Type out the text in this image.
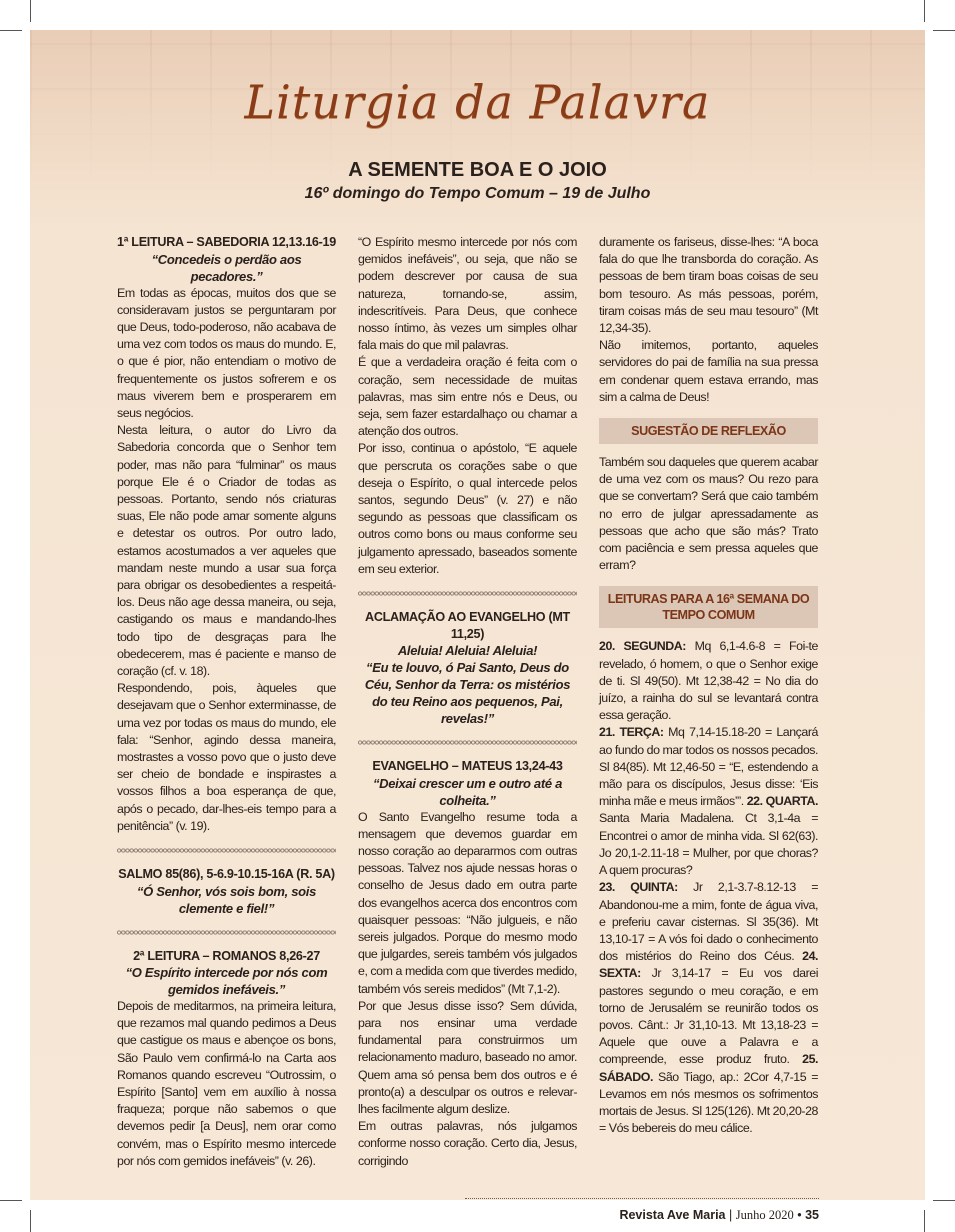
Liturgia da Palavra
A SEMENTE BOA E O JOIO
16º domingo do Tempo Comum – 19 de Julho
1ª LEITURA – SABEDORIA 12,13.16-19
“Concedeis o perdão aos pecadores.”

Em todas as épocas, muitos dos que se consideravam justos se perguntaram por que Deus, todo-poderoso, não acabava de uma vez com todos os maus do mundo. E, o que é pior, não entendiam o motivo de frequentemente os justos sofrerem e os maus viverem bem e prosperarem em seus negócios.

Nesta leitura, o autor do Livro da Sabedoria concorda que o Senhor tem poder, mas não para “fulminar” os maus porque Ele é o Criador de todas as pessoas. Portanto, sendo nós criaturas suas, Ele não pode amar somente alguns e detestar os outros. Por outro lado, estamos acostumados a ver aqueles que mandam neste mundo a usar sua força para obrigar os desobedientes a respeitá-los. Deus não age dessa maneira, ou seja, castigando os maus e mandando-lhes todo tipo de desgraças para lhe obedecerem, mas é paciente e manso de coração (cf. v. 18).

Respondendo, pois, àqueles que desejavam que o Senhor exterminasse, de uma vez por todas os maus do mundo, ele fala: “Senhor, agindo dessa maneira, mostrastes a vosso povo que o justo deve ser cheio de bondade e inspirastes a vossos filhos a boa esperança de que, após o pecado, dar-lhes-eis tempo para a penitência” (v. 19).

SALMO 85(86), 5-6.9-10.15-16A (R. 5A)
“Ó Senhor, vós sois bom, sois clemente e fiel!”
2ª LEITURA – ROMANOS 8,26-27
“O Espírito intercede por nós com gemidos inefáveis.”

Depois de meditarmos, na primeira leitura, que rezamos mal quando pedimos a Deus que castigue os maus e abençoe os bons, São Paulo vem confirmá-lo na Carta aos Romanos quando escreveu “Outrossim, o Espírito [Santo] vem em auxílio à nossa fraqueza; porque não sabemos o que devemos pedir [a Deus], nem orar como convém, mas o Espírito mesmo intercede por nós com gemidos inefáveis” (v. 26).

“O Espírito mesmo intercede por nós com gemidos inefáveis”, ou seja, que não se podem descrever por causa de sua natureza, tornando-se, assim, indescritíveis. Para Deus, que conhece nosso íntimo, às vezes um simples olhar fala mais do que mil palavras.

É que a verdadeira oração é feita com o coração, sem necessidade de muitas palavras, mas sim entre nós e Deus, ou seja, sem fazer estardalhaço ou chamar a atenção dos outros.

Por isso, continua o apóstolo, “E aquele que perscruta os corações sabe o que deseja o Espírito, o qual intercede pelos santos, segundo Deus” (v. 27) e não segundo as pessoas que classificam os outros como bons ou maus conforme seu julgamento apressado, baseados somente em seu exterior.

ACLAMAÇÃO AO EVANGELHO (MT 11,25)
Aleluia! Aleluia! Aleluia!
“Eu te louvo, ó Pai Santo, Deus do Céu, Senhor da Terra: os mistérios do teu Reino aos pequenos, Pai, revelas!”
EVANGELHO – MATEUS 13,24-43
“Deixai crescer um e outro até a colheita.”

O Santo Evangelho resume toda a mensagem que devemos guardar em nosso coração ao depararmos com outras pessoas. Talvez nos ajude nessas horas o conselho de Jesus dado em outra parte dos evangelhos acerca dos encontros com quaisquer pessoas: “Não julgueis, e não sereis julgados. Porque do mesmo modo que julgardes, sereis também vós julgados e, com a medida com que tiverdes medido, também vós sereis medidos” (Mt 7,1-2).

Por que Jesus disse isso? Sem dúvida, para nos ensinar uma verdade fundamental para construirmos um relacionamento maduro, baseado no amor. Quem ama só pensa bem dos outros e é pronto(a) a desculpar os outros e relevar-lhes facilmente algum deslize.

Em outras palavras, nós julgamos conforme nosso coração. Certo dia, Jesus, corrigindo

duramente os fariseus, disse-lhes: “A boca fala do que lhe transborda do coração. As pessoas de bem tiram boas coisas de seu bom tesouro. As más pessoas, porém, tiram coisas más de seu mau tesouro” (Mt 12,34-35).

Não imitemos, portanto, aqueles servidores do pai de família na sua pressa em condenar quem estava errando, mas sim a calma de Deus!

SUGESTÃO DE REFLEXÃO

Também sou daqueles que querem acabar de uma vez com os maus? Ou rezo para que se convertam? Será que caio também no erro de julgar apressadamente as pessoas que acho que são más? Trato com paciência e sem pressa aqueles que erram?

LEITURAS PARA A 16ª SEMANA DO TEMPO COMUM

20. SEGUNDA: Mq 6,1-4.6-8 = Foi-te revelado, ó homem, o que o Senhor exige de ti. Sl 49(50). Mt 12,38-42 = No dia do juízo, a rainha do sul se levantará contra essa geração.
21. TERÇA: Mq 7,14-15.18-20 = Lançará ao fundo do mar todos os nossos pecados. Sl 84(85). Mt 12,46-50 = “E, estendendo a mão para os discípulos, Jesus disse: ‘Eis minha mãe e meus irmãos’”. 22. QUARTA. Santa Maria Madalena. Ct 3,1-4a = Encontrei o amor de minha vida. Sl 62(63). Jo 20,1-2.11-18 = Mulher, por que choras? A quem procuras?
23. QUINTA: Jr 2,1-3.7-8.12-13 = Abandonou-me a mim, fonte de água viva, e preferiu cavar cisternas. Sl 35(36). Mt 13,10-17 = A vós foi dado o conhecimento dos mistérios do Reino dos Céus. 24. SEXTA: Jr 3,14-17 = Eu vos darei pastores segundo o meu coração, e em torno de Jerusalém se reunirão todos os povos. Cânt.: Jr 31,10-13. Mt 13,18-23 = Aquele que ouve a Palavra e a compreende, esse produz fruto. 25. SÁBADO. São Tiago, ap.: 2Cor 4,7-15 = Levamos em nós mesmos os sofrimentos mortais de Jesus. Sl 125(126). Mt 20,20-28 = Vós bebereis do meu cálice.

Revista Ave Maria | Junho 2020 • 35
